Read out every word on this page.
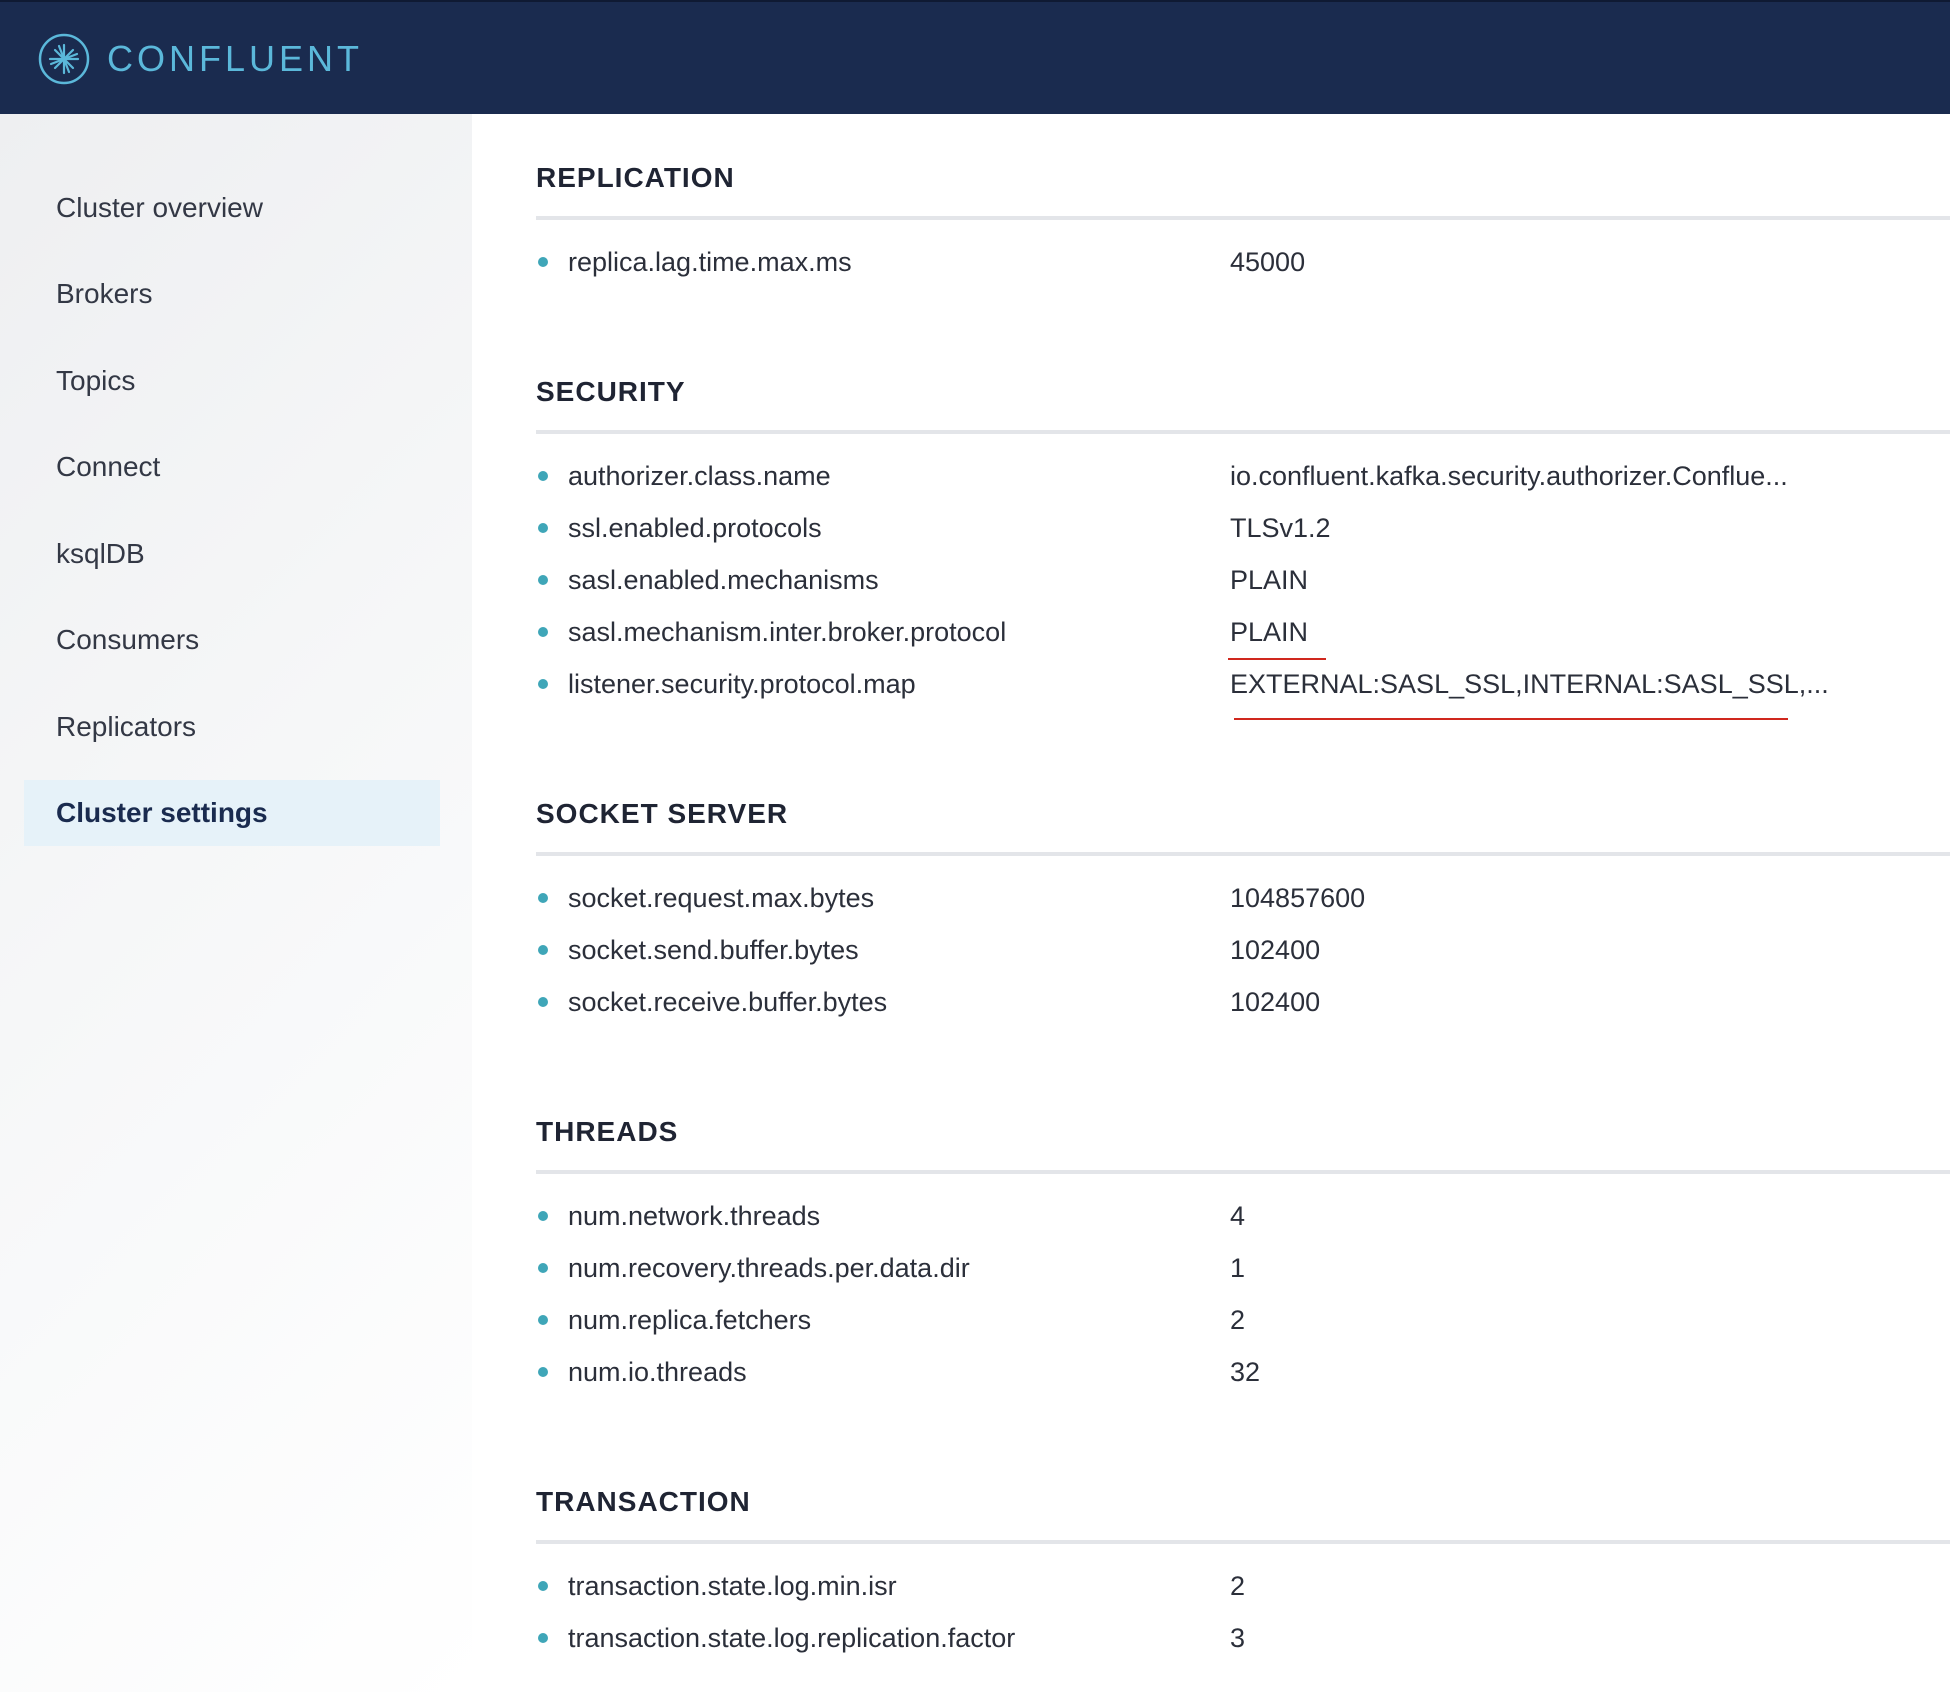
CONFLUENT
Cluster overview
Brokers
Topics
Connect
ksqlDB
Consumers
Replicators
Cluster settings
REPLICATION
replica.lag.time.max.ms	45000
SECURITY
authorizer.class.name	io.confluent.kafka.security.authorizer.Conflue...
ssl.enabled.protocols	TLSv1.2
sasl.enabled.mechanisms	PLAIN
sasl.mechanism.inter.broker.protocol	PLAIN
listener.security.protocol.map	EXTERNAL:SASL_SSL,INTERNAL:SASL_SSL,...
SOCKET SERVER
socket.request.max.bytes	104857600
socket.send.buffer.bytes	102400
socket.receive.buffer.bytes	102400
THREADS
num.network.threads	4
num.recovery.threads.per.data.dir	1
num.replica.fetchers	2
num.io.threads	32
TRANSACTION
transaction.state.log.min.isr	2
transaction.state.log.replication.factor	3
